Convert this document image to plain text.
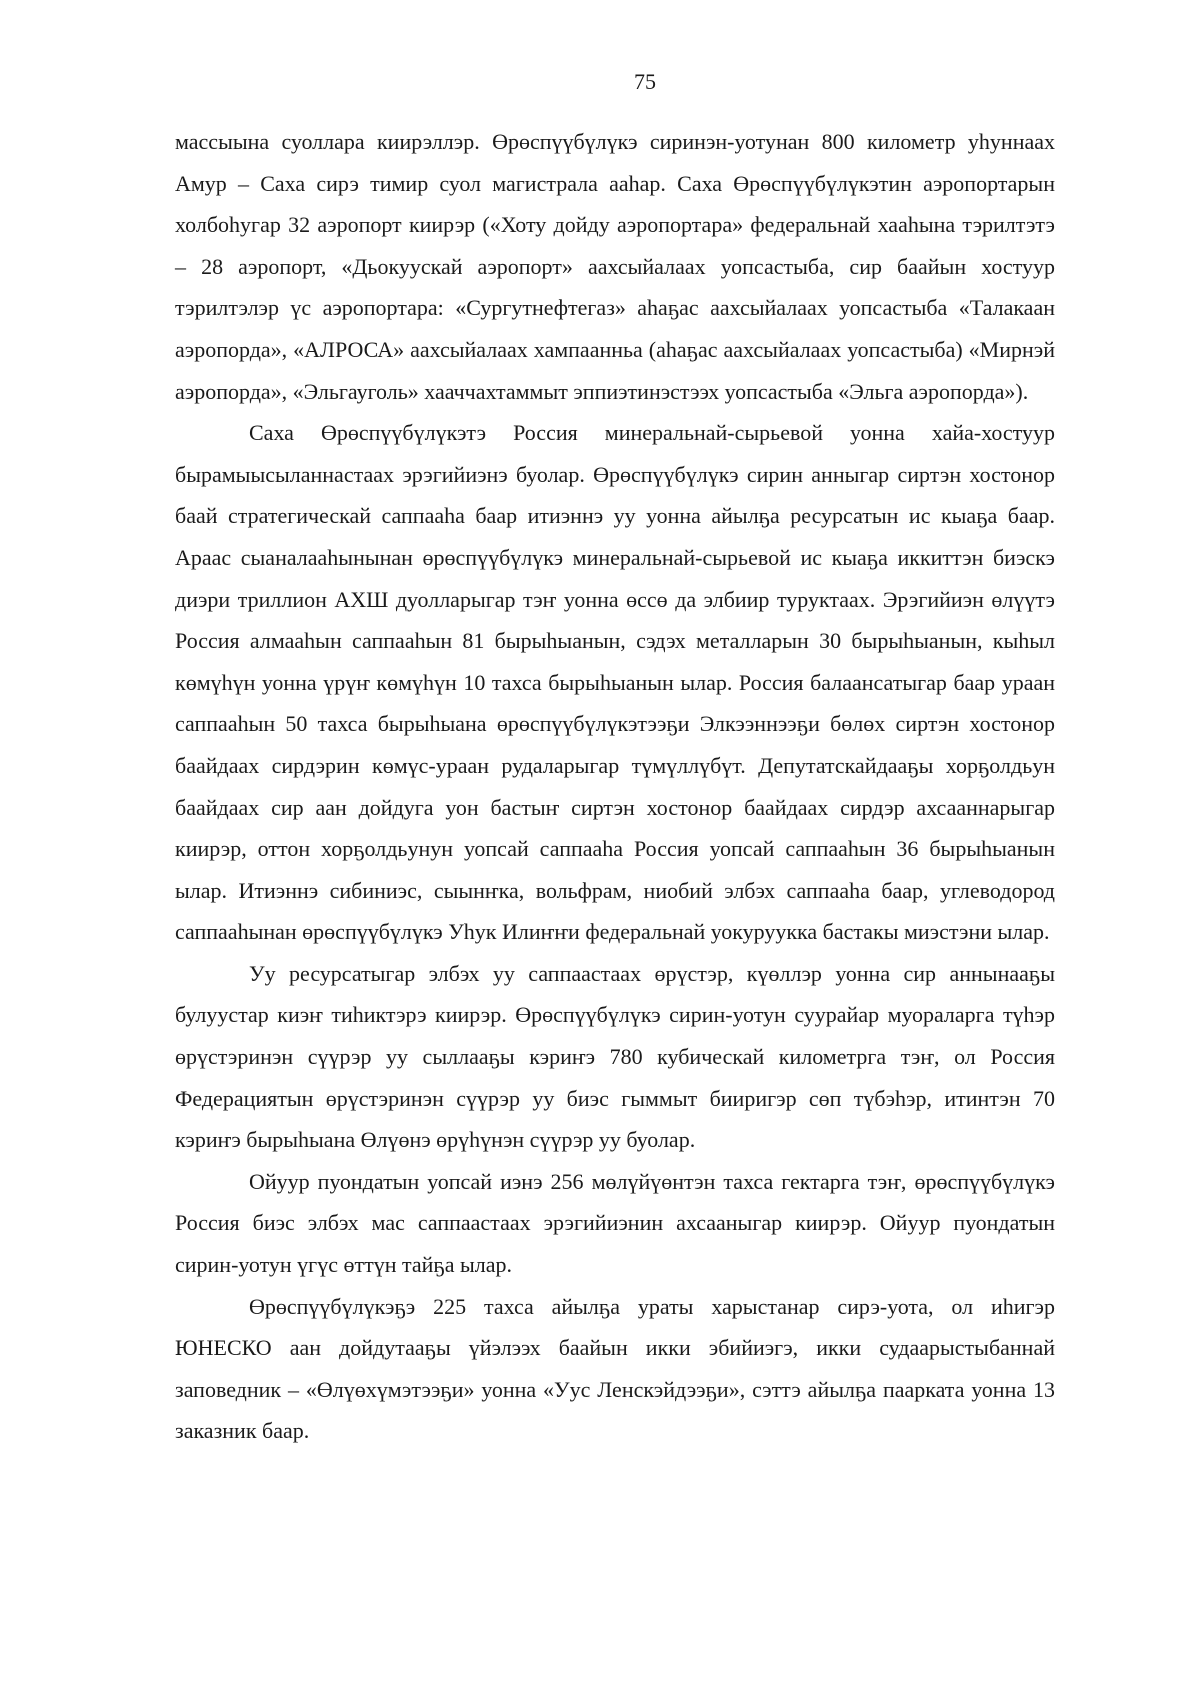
75

массыына суоллара киирэллэр. Өрөспүүбүлүкэ сиринэн-уотунан 800 километр уһуннаах Амур – Саха сирэ тимир суол магистрала ааһар. Саха Өрөспүүбүлүкэтин аэропортарын холбоһугар 32 аэропорт киирэр («Хоту дойду аэропортара» федеральнай хааһына тэрилтэтэ – 28 аэропорт, «Дьокуускай аэропорт» аахсыйалаах уопсастыба, сир баайын хостуур тэрилтэлэр үс аэропортара: «Сургутнефтегаз» аһаҕас аахсыйалаах уопсастыба «Талакаан аэропорда», «АЛРОСА» аахсыйалаах хампаанньа (аһаҕас аахсыйалаах уопсастыба) «Мирнэй аэропорда», «Эльгауголь» хааччахтаммыт эппиэтинэстээх уопсастыба «Эльга аэропорда»).

Саха Өрөспүүбүлүкэтэ Россия минеральнай-сырьевой уонна хайа-хостуур бырамыысыланнастаах эрэгийиэнэ буолар. Өрөспүүбүлүкэ сирин анныгар сиртэн хостонор баай стратегическай саппааһа баар итиэннэ уу уонна айылҕа ресурсатын ис кыаҕа баар. Араас сыаналааһынынан өрөспүүбүлүкэ минеральнай-сырьевой ис кыаҕа иккиттэн биэскэ диэри триллион АХШ дуолларыгар тэҥ уонна өссө да элбиир туруктаах. Эрэгийиэн өлүүтэ Россия алмааһын саппааһын 81 бырыһыанын, сэдэх металларын 30 бырыһыанын, кыһыл көмүһүн уонна үрүҥ көмүһүн 10 тахса бырыһыанын ылар. Россия балаансатыгар баар ураан саппааһын 50 тахса бырыһыана өрөспүүбүлүкэтээҕи Элкээннээҕи бөлөх сиртэн хостонор баайдаах сирдэрин көмүс-ураан рудаларыгар түмүллүбүт. Депутатскайдааҕы хорҕолдьун баайдаах сир аан дойдуга уон бастыҥ сиртэн хостонор баайдаах сирдэр ахсааннарыгар киирэр, оттон хорҕолдьунун уопсай саппааһа Россия уопсай саппааһын 36 бырыһыанын ылар. Итиэннэ сибиниэс, сыынҥка, вольфрам, ниобий элбэх саппааһа баар, углеводород саппааһынан өрөспүүбүлүкэ Уһук Илиҥҥи федеральнай уокуруукка бастакы миэстэни ылар.

Уу ресурсатыгар элбэх уу саппаастаах өрүстэр, күөллэр уонна сир аннынааҕы булуустар киэҥ тиһиктэрэ киирэр. Өрөспүүбүлүкэ сирин-уотун суурайар муораларга түһэр өрүстэринэн сүүрэр уу сыллааҕы кэриҥэ 780 кубическай километрга тэҥ, ол Россия Федерациятын өрүстэринэн сүүрэр уу биэс гыммыт бииригэр сөп түбэһэр, итинтэн 70 кэриҥэ бырыһыана Өлүөнэ өрүһүнэн сүүрэр уу буолар.

Ойуур пуондатын уопсай иэнэ 256 мөлүйүөнтэн тахса гектарга тэҥ, өрөспүүбүлүкэ Россия биэс элбэх мас саппаастаах эрэгийиэнин ахсааныгар киирэр. Ойуур пуондатын сирин-уотун үгүс өттүн тайҕа ылар.

Өрөспүүбүлүкэҕэ 225 тахса айылҕа ураты харыстанар сирэ-уота, ол иһигэр ЮНЕСКО аан дойдутааҕы үйэлээх баайын икки эбийиэгэ, икки судаарыстыбаннай заповедник – «Өлүөхүмэтээҕи» уонна «Уус Ленскэйдээҕи», сэттэ айылҕа паарката уонна 13 заказник баар.
